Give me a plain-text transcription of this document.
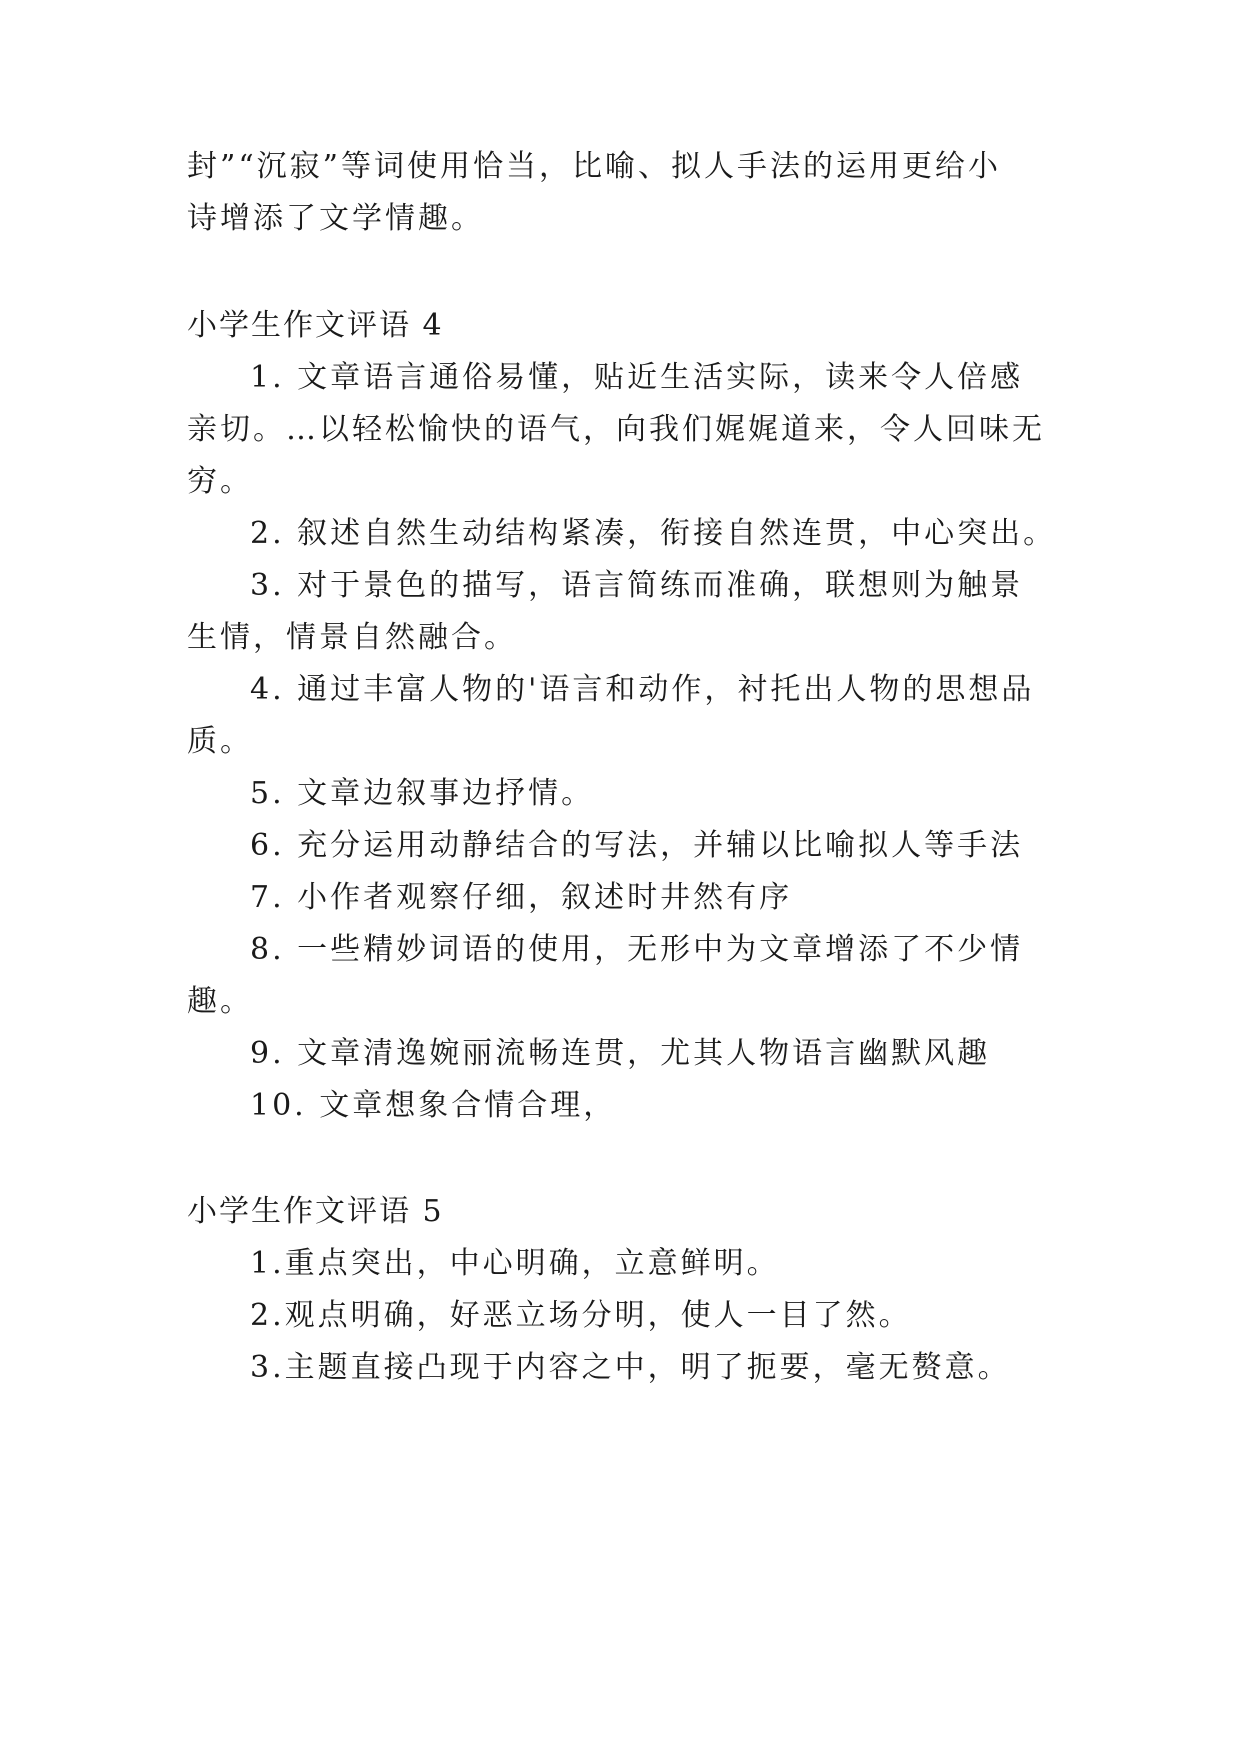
封”“沉寂”等词使用恰当，比喻、拟人手法的运用更给小
诗增添了文学情趣。
小学生作文评语 4
1. 文章语言通俗易懂，贴近生活实际，读来令人倍感
亲切。…以轻松愉快的语气，向我们娓娓道来，令人回味无
穷。
2. 叙述自然生动结构紧凑，衔接自然连贯，中心突出。
3. 对于景色的描写，语言简练而准确，联想则为触景
生情，情景自然融合。
4. 通过丰富人物的'语言和动作，衬托出人物的思想品
质。
5. 文章边叙事边抒情。
6. 充分运用动静结合的写法，并辅以比喻拟人等手法
7. 小作者观察仔细，叙述时井然有序
8. 一些精妙词语的使用，无形中为文章增添了不少情
趣。
9. 文章清逸婉丽流畅连贯，尤其人物语言幽默风趣
10. 文章想象合情合理，
小学生作文评语 5
1.重点突出，中心明确，立意鲜明。
2.观点明确，好恶立场分明，使人一目了然。
3.主题直接凸现于内容之中，明了扼要，毫无赘意。
